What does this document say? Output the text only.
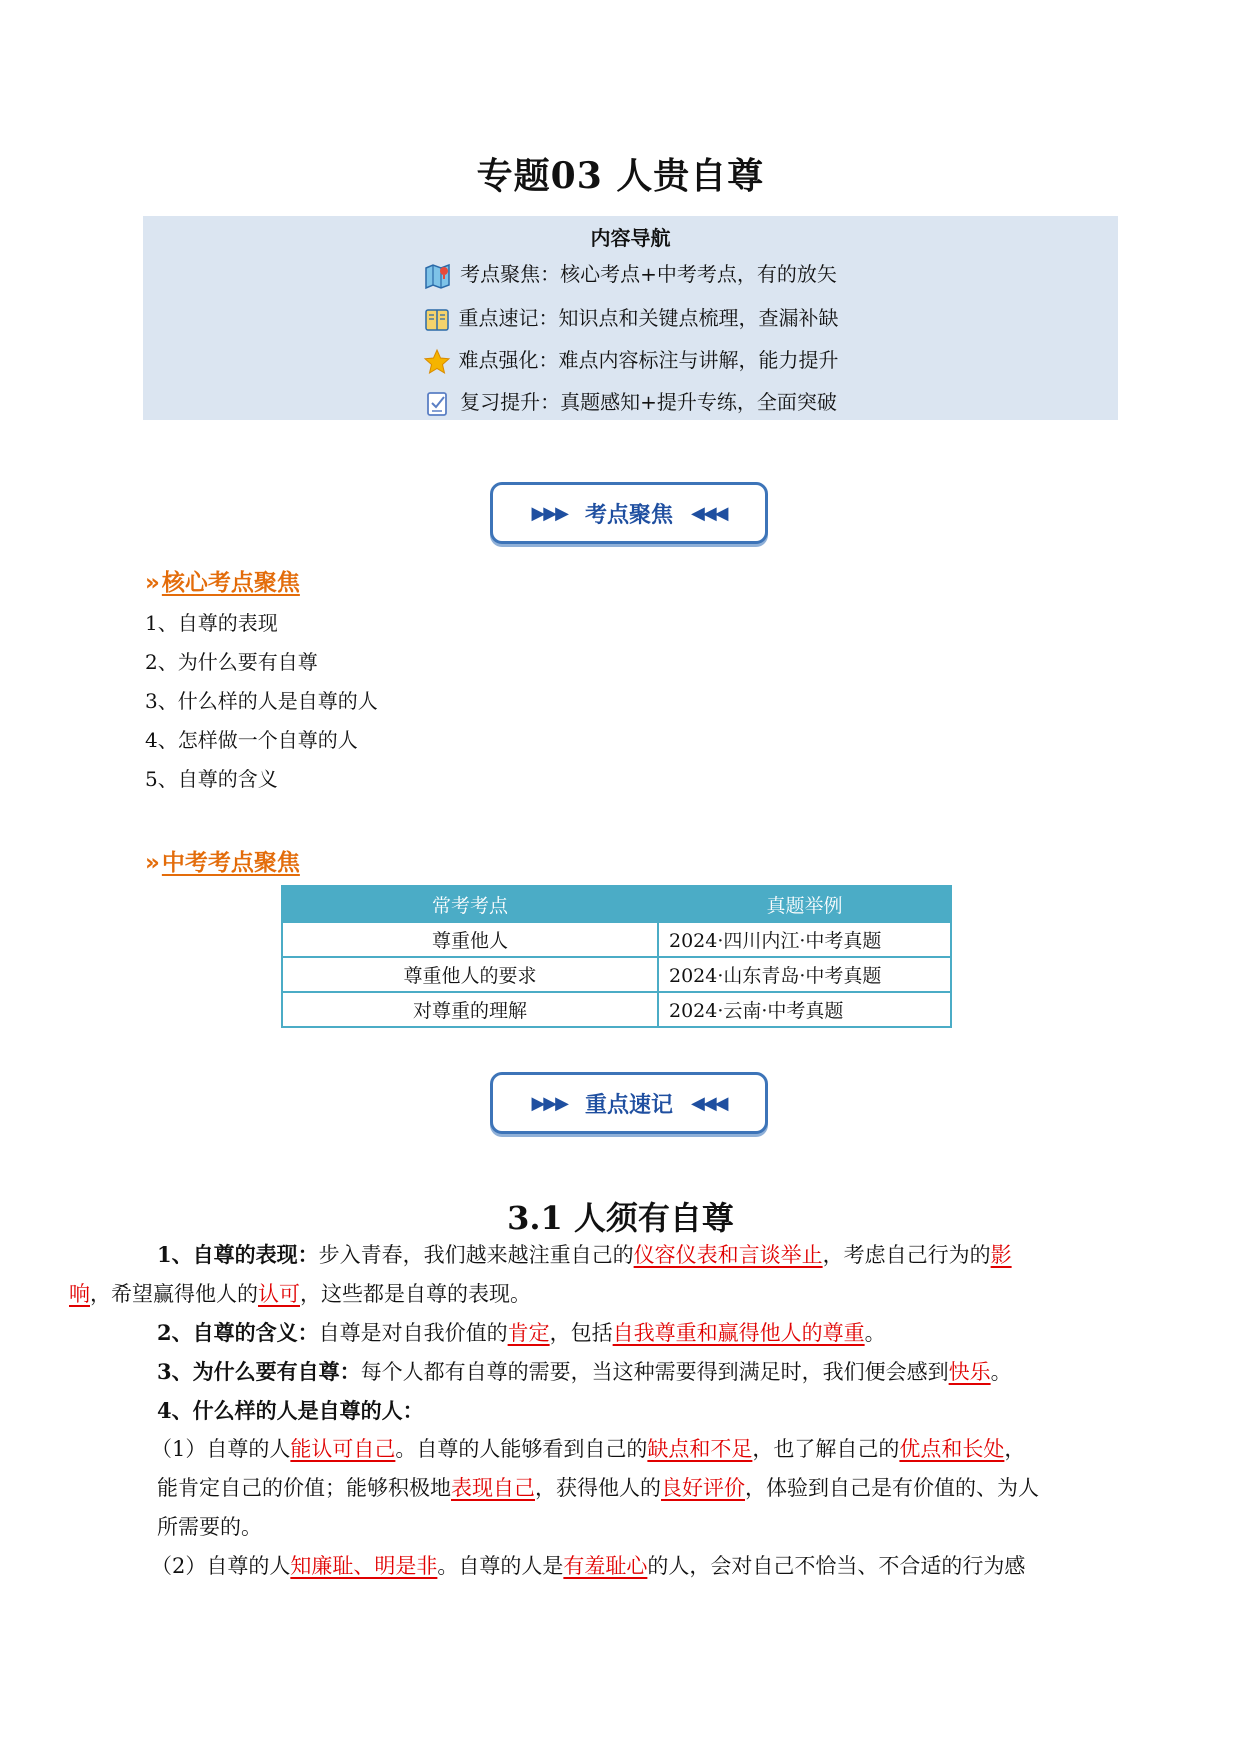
专题03 人贵自尊
内容导航
考点聚焦：核心考点+中考考点，有的放矢
重点速记：知识点和关键点梳理，查漏补缺
难点强化：难点内容标注与讲解，能力提升
复习提升：真题感知+提升专练，全面突破
▶▶▶ 考点聚焦 ◀◀◀
» 核心考点聚焦
1、自尊的表现
2、为什么要有自尊
3、什么样的人是自尊的人
4、怎样做一个自尊的人
5、自尊的含义
» 中考考点聚焦
常考考点	真题举例
尊重他人	2024·四川内江·中考真题
尊重他人的要求	2024·山东青岛·中考真题
对尊重的理解	2024·云南·中考真题
▶▶▶ 重点速记 ◀◀◀
3.1 人须有自尊
1、自尊的表现：步入青春，我们越来越注重自己的仪容仪表和言谈举止，考虑自己行为的影
响，希望赢得他人的认可，这些都是自尊的表现。
2、自尊的含义：自尊是对自我价值的肯定，包括自我尊重和赢得他人的尊重。
3、为什么要有自尊：每个人都有自尊的需要，当这种需要得到满足时，我们便会感到快乐。
4、什么样的人是自尊的人：
（1）自尊的人能认可自己。自尊的人能够看到自己的缺点和不足，也了解自己的优点和长处，
能肯定自己的价值；能够积极地表现自己，获得他人的良好评价，体验到自己是有价值的、为人
所需要的。
（2）自尊的人知廉耻、明是非。自尊的人是有羞耻心的人，会对自己不恰当、不合适的行为感
